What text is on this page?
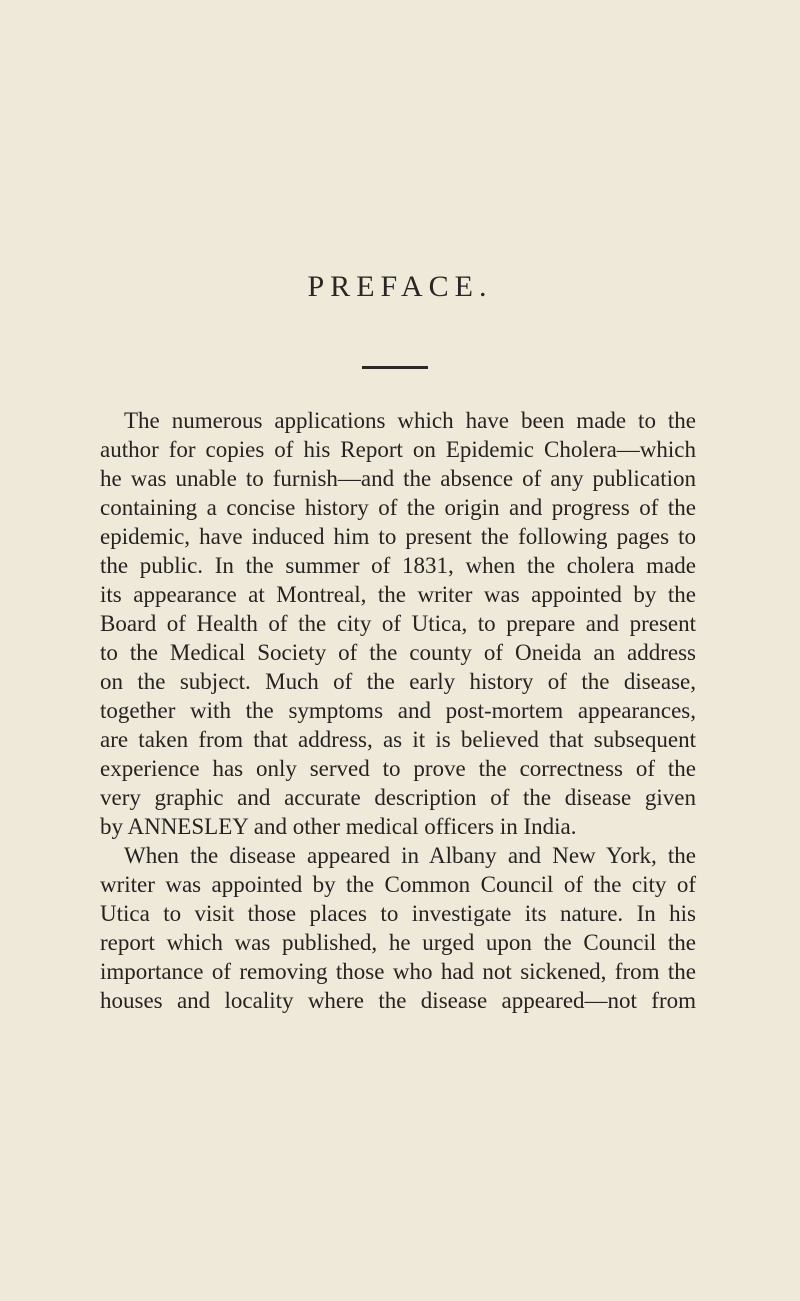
PREFACE.
The numerous applications which have been made to the
author for copies of his Report on Epidemic Cholera—which
he was unable to furnish—and the absence of any publication
containing a concise history of the origin and progress of the
epidemic, have induced him to present the following pages to
the public. In the summer of 1831, when the cholera made
its appearance at Montreal, the writer was appointed by the
Board of Health of the city of Utica, to prepare and present
to the Medical Society of the county of Oneida an address
on the subject. Much of the early history of the disease,
together with the symptoms and post-mortem appearances,
are taken from that address, as it is believed that subsequent
experience has only served to prove the correctness of the
very graphic and accurate description of the disease given
by ANNESLEY and other medical officers in India.
When the disease appeared in Albany and New York, the
writer was appointed by the Common Council of the city of
Utica to visit those places to investigate its nature. In his
report which was published, he urged upon the Council the
importance of removing those who had not sickened, from the
houses and locality where the disease appeared—not from
